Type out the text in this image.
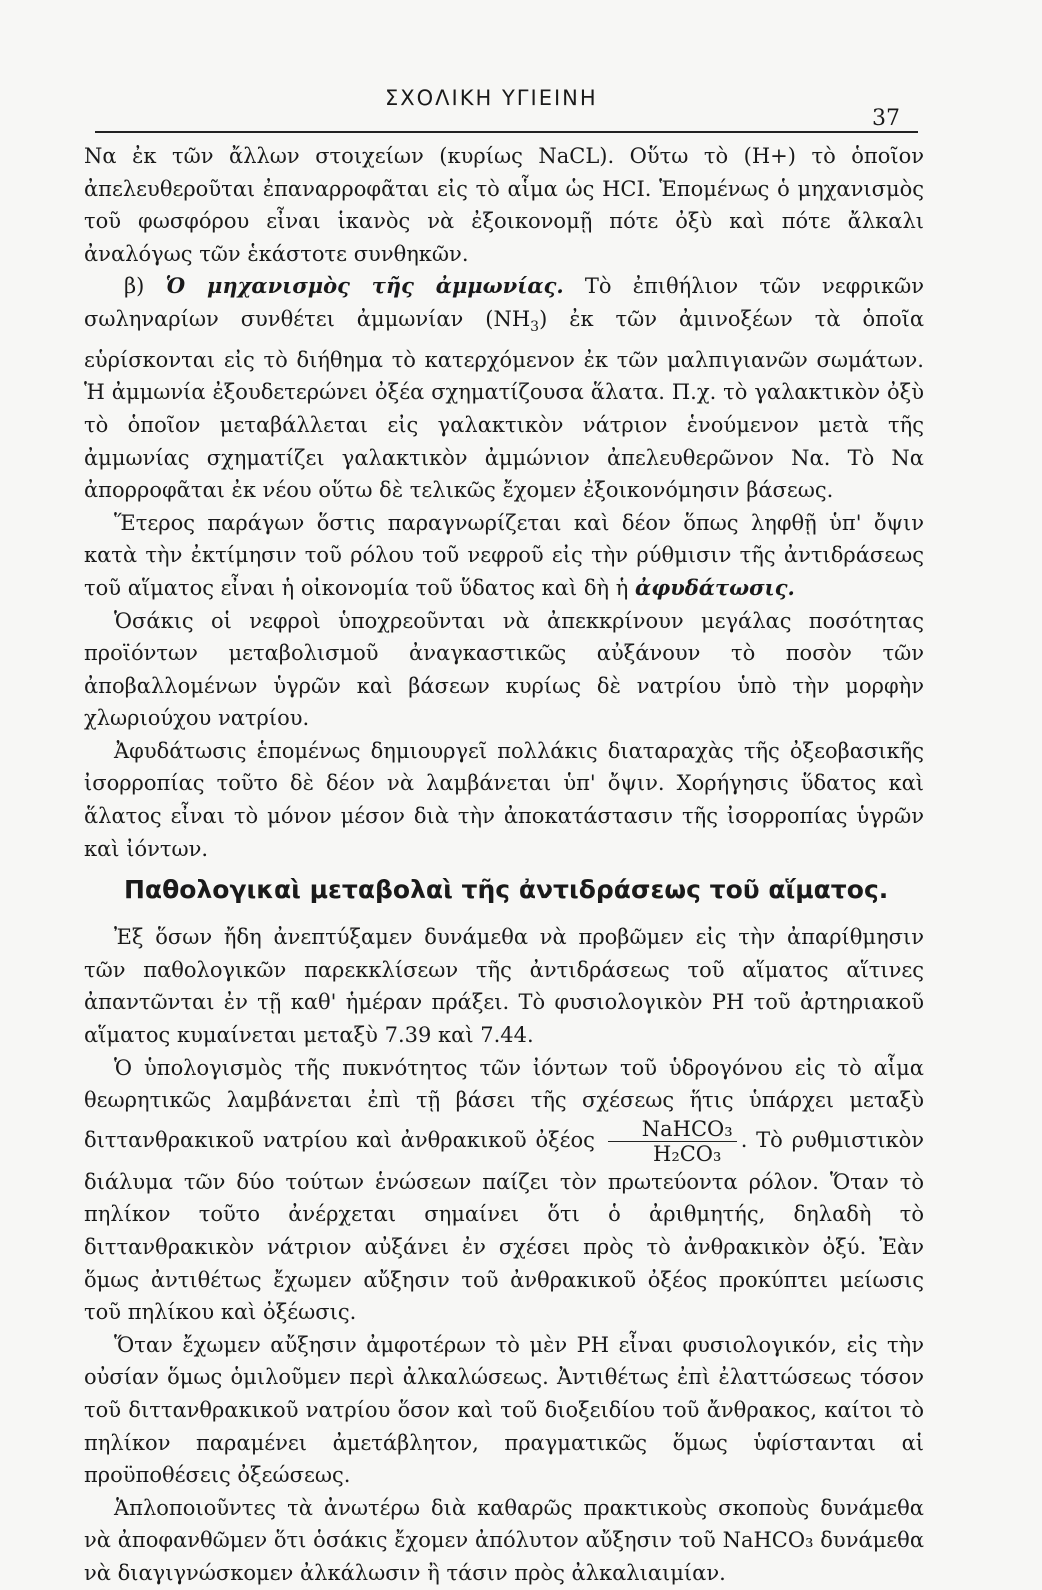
ΣΧΟΛΙΚΗ ΥΓΙΕΙΝΗ
37

Να ἐκ τῶν ἄλλων στοιχείων (κυρίως NaCL). Οὕτω τὸ (H+) τὸ ὁποῖον ἀπελευθεροῦται ἐπαναρροφᾶται εἰς τὸ αἷμα ὡς HCI. Ἑπομένως ὁ μηχανισμὸς τοῦ φωσφόρου εἶναι ἱκανὸς νὰ ἐξοικονομῇ πότε ὀξὺ καὶ πότε ἄλκαλι ἀναλόγως τῶν ἑκάστοτε συνθηκῶν.

β) Ὁ μηχανισμὸς τῆς ἀμμωνίας. Τὸ ἐπιθήλιον τῶν νεφρικῶν σωληναρίων συνθέτει ἀμμωνίαν $(NH_3)$ ἐκ τῶν ἀμινοξέων τὰ ὁποῖα εὑρίσκονται εἰς τὸ διήθημα τὸ κατερχόμενον ἐκ τῶν μαλπιγιανῶν σωμάτων. Ἡ ἀμμωνία ἐξουδετερώνει ὀξέα σχηματίζουσα ἅλατα. Π.χ. τὸ γαλακτικὸν ὀξὺ τὸ ὁποῖον μεταβάλλεται εἰς γαλακτικὸν νάτριον ἑνούμενον μετὰ τῆς ἀμμωνίας σχηματίζει γαλακτικὸν ἀμμώνιον ἀπελευθερῶνον Να. Τὸ Να ἀπορροφᾶται ἐκ νέου οὕτω δὲ τελικῶς ἔχομεν ἐξοικονόμησιν βάσεως.

Ἕτερος παράγων ὅστις παραγνωρίζεται καὶ δέον ὅπως ληφθῇ ὑπ' ὄψιν κατὰ τὴν ἐκτίμησιν τοῦ ρόλου τοῦ νεφροῦ εἰς τὴν ρύθμισιν τῆς ἀντιδράσεως τοῦ αἵματος εἶναι ἡ οἰκονομία τοῦ ὕδατος καὶ δὴ ἡ ἀφυδάτωσις.

Ὁσάκις οἱ νεφροὶ ὑποχρεοῦνται νὰ ἀπεκκρίνουν μεγάλας ποσότητας προϊόντων μεταβολισμοῦ ἀναγκαστικῶς αὐξάνουν τὸ ποσὸν τῶν ἀποβαλλομένων ὑγρῶν καὶ βάσεων κυρίως δὲ νατρίου ὑπὸ τὴν μορφὴν χλωριούχου νατρίου.

Ἀφυδάτωσις ἑπομένως δημιουργεῖ πολλάκις διαταραχὰς τῆς ὀξεοβασικῆς ἰσορροπίας τοῦτο δὲ δέον νὰ λαμβάνεται ὑπ' ὄψιν. Χορήγησις ὕδατος καὶ ἅλατος εἶναι τὸ μόνον μέσον διὰ τὴν ἀποκατάστασιν τῆς ἰσορροπίας ὑγρῶν καὶ ἰόντων.

Παθολογικαὶ μεταβολαὶ τῆς ἀντιδράσεως τοῦ αἵματος.

Ἐξ ὅσων ἤδη ἀνεπτύξαμεν δυνάμεθα νὰ προβῶμεν εἰς τὴν ἀπαρίθμησιν τῶν παθολογικῶν παρεκκλίσεων τῆς ἀντιδράσεως τοῦ αἵματος αἵτινες ἀπαντῶνται ἐν τῇ καθ' ἡμέραν πράξει. Τὸ φυσιολογικὸν PH τοῦ ἀρτηριακοῦ αἵματος κυμαίνεται μεταξὺ 7.39 καὶ 7.44.

Ὁ ὑπολογισμὸς τῆς πυκνότητος τῶν ἰόντων τοῦ ὑδρογόνου εἰς τὸ αἷμα θεωρητικῶς λαμβάνεται ἐπὶ τῇ βάσει τῆς σχέσεως ἥτις ὑπάρχει μεταξὺ διττανθρακικοῦ νατρίου καὶ ἀνθρακικοῦ ὀξέος $\frac{\text{NaHCO₃}}{\text{H₂CO₃}}$ . Τὸ ρυθμιστικὸν διάλυμα τῶν δύο τούτων ἑνώσεων παίζει τὸν πρωτεύοντα ρόλον. Ὅταν τὸ πηλίκον τοῦτο ἀνέρχεται σημαίνει ὅτι ὁ ἀριθμητής, δηλαδὴ τὸ διττανθρακικὸν νάτριον αὐξάνει ἐν σχέσει πρὸς τὸ ἀνθρακικὸν ὀξύ. Ἐὰν ὅμως ἀντιθέτως ἔχωμεν αὔξησιν τοῦ ἀνθρακικοῦ ὀξέος προκύπτει μείωσις τοῦ πηλίκου καὶ ὀξέωσις.

Ὅταν ἔχωμεν αὔξησιν ἀμφοτέρων τὸ μὲν PH εἶναι φυσιολογικόν, εἰς τὴν οὐσίαν ὅμως ὁμιλοῦμεν περὶ ἀλκαλώσεως. Ἀντιθέτως ἐπὶ ἐλαττώσεως τόσον τοῦ διττανθρακικοῦ νατρίου ὅσον καὶ τοῦ διοξειδίου τοῦ ἄνθρακος, καίτοι τὸ πηλίκον παραμένει ἀμετάβλητον, πραγματικῶς ὅμως ὑφίστανται αἱ προϋποθέσεις ὀξεώσεως.

Ἁπλοποιοῦντες τὰ ἀνωτέρω διὰ καθαρῶς πρακτικοὺς σκοποὺς δυνάμεθα νὰ ἀποφανθῶμεν ὅτι ὁσάκις ἔχομεν ἀπόλυτον αὔξησιν τοῦ NaHCO₃ δυνάμεθα νὰ διαγιγνώσκομεν ἀλκάλωσιν ἢ τάσιν πρὸς ἀλκαλιαιμίαν.
